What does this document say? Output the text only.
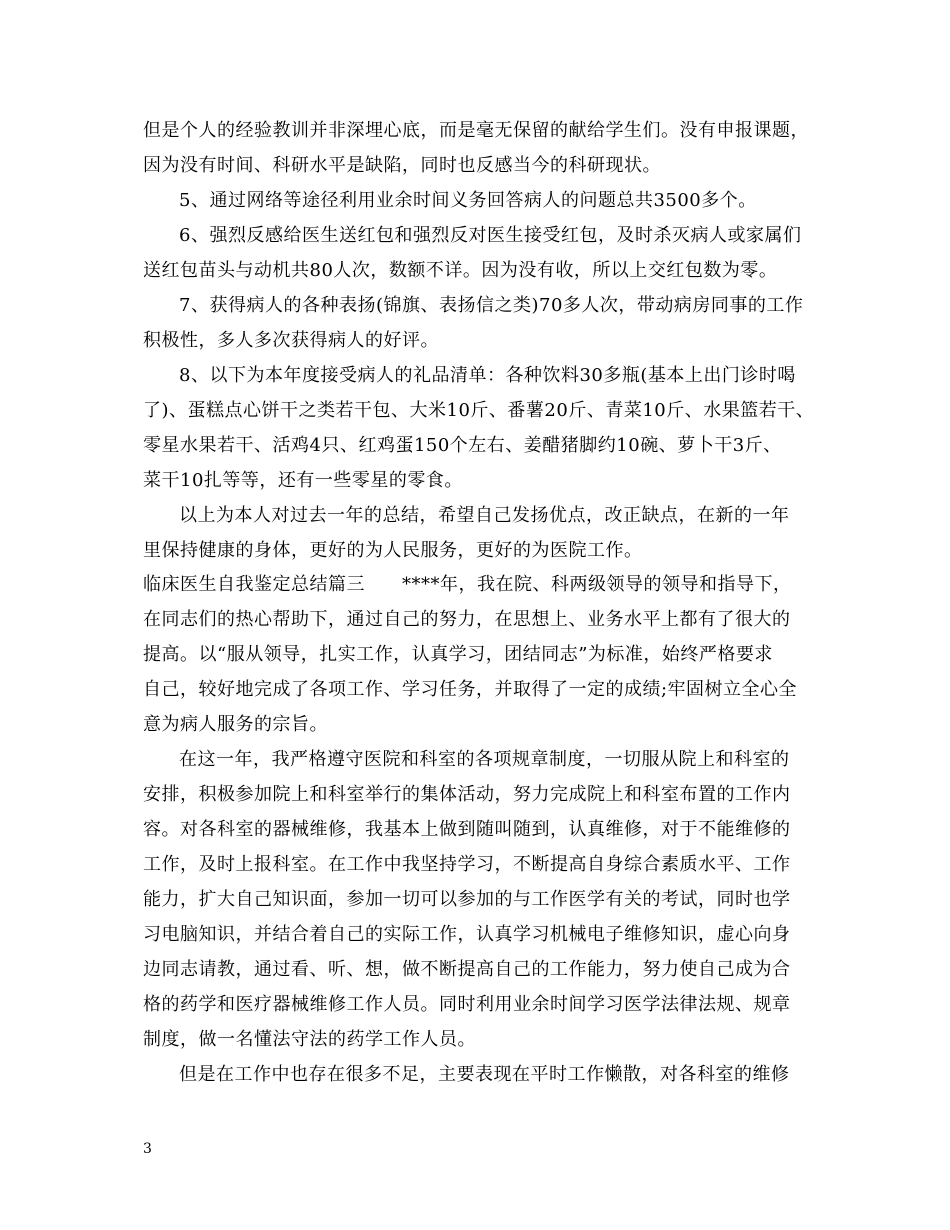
但是个人的经验教训并非深埋心底，而是毫无保留的献给学生们。没有申报课题，
因为没有时间、科研水平是缺陷，同时也反感当今的科研现状。
5、通过网络等途径利用业余时间义务回答病人的问题总共3500多个。
6、强烈反感给医生送红包和强烈反对医生接受红包，及时杀灭病人或家属们
送红包苗头与动机共80人次，数额不详。因为没有收，所以上交红包数为零。
7、获得病人的各种表扬(锦旗、表扬信之类)70多人次，带动病房同事的工作
积极性，多人多次获得病人的好评。
8、以下为本年度接受病人的礼品清单：各种饮料30多瓶(基本上出门诊时喝
了)、蛋糕点心饼干之类若干包、大米10斤、番薯20斤、青菜10斤、水果篮若干、
零星水果若干、活鸡4只、红鸡蛋150个左右、姜醋猪脚约10碗、萝卜干3斤、
菜干10扎等等，还有一些零星的零食。
以上为本人对过去一年的总结，希望自己发扬优点，改正缺点，在新的一年
里保持健康的身体，更好的为人民服务，更好的为医院工作。
临床医生自我鉴定总结篇三　　****年，我在院、科两级领导的领导和指导下，
在同志们的热心帮助下，通过自己的努力，在思想上、业务水平上都有了很大的
提高。以“服从领导，扎实工作，认真学习，团结同志”为标准，始终严格要求
自己，较好地完成了各项工作、学习任务，并取得了一定的成绩;牢固树立全心全
意为病人服务的宗旨。
在这一年，我严格遵守医院和科室的各项规章制度，一切服从院上和科室的
安排，积极参加院上和科室举行的集体活动，努力完成院上和科室布置的工作内
容。对各科室的器械维修，我基本上做到随叫随到，认真维修，对于不能维修的
工作，及时上报科室。在工作中我坚持学习，不断提高自身综合素质水平、工作
能力，扩大自己知识面，参加一切可以参加的与工作医学有关的考试，同时也学
习电脑知识，并结合着自己的实际工作，认真学习机械电子维修知识，虚心向身
边同志请教，通过看、听、想，做不断提高自己的工作能力，努力使自己成为合
格的药学和医疗器械维修工作人员。同时利用业余时间学习医学法律法规、规章
制度，做一名懂法守法的药学工作人员。
但是在工作中也存在很多不足，主要表现在平时工作懒散，对各科室的维修
3
